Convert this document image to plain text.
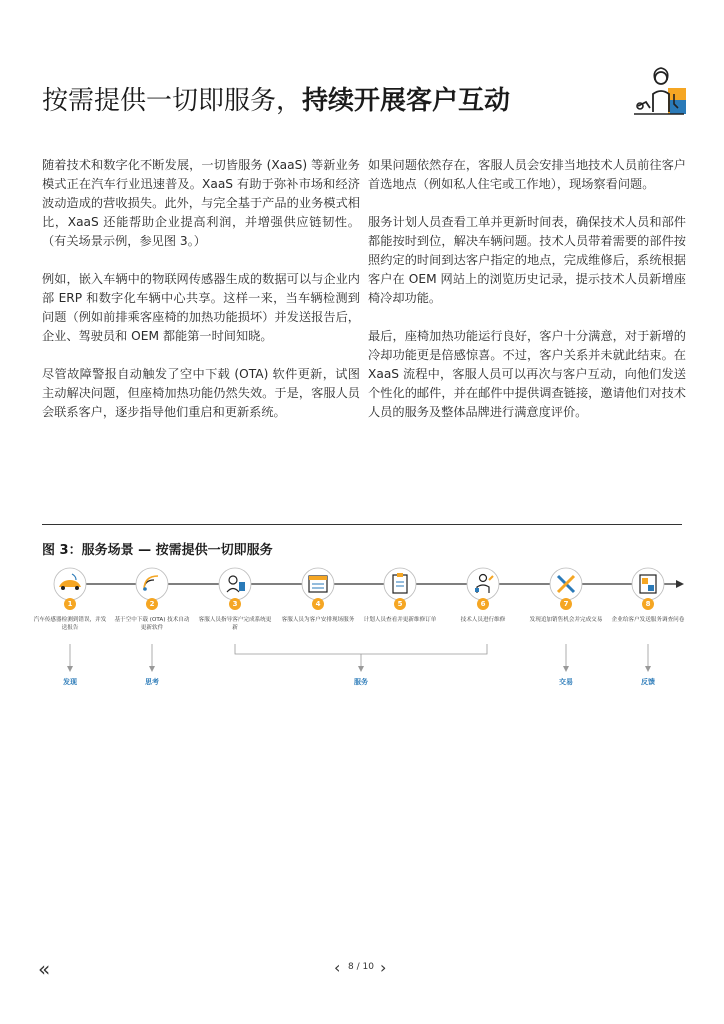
按需提供一切即服务，持续开展客户互动

随着技术和数字化不断发展，一切皆服务 (XaaS) 等新业务模式正在汽车行业迅速普及。XaaS 有助于弥补市场和经济波动造成的营收损失。此外，与完全基于产品的业务模式相比，XaaS 还能帮助企业提高利润，并增强供应链韧性。（有关场景示例，参见图 3。）

例如，嵌入车辆中的物联网传感器生成的数据可以与企业内部 ERP 和数字化车辆中心共享。这样一来，当车辆检测到问题（例如前排乘客座椅的加热功能损坏）并发送报告后，企业、驾驶员和 OEM 都能第一时间知晓。

尽管故障警报自动触发了空中下载 (OTA) 软件更新，试图主动解决问题，但座椅加热功能仍然失效。于是，客服人员会联系客户，逐步指导他们重启和更新系统。

如果问题依然存在，客服人员会安排当地技术人员前往客户首选地点（例如私人住宅或工作地），现场察看问题。

服务计划人员查看工单并更新时间表，确保技术人员和部件都能按时到位，解决车辆问题。技术人员带着需要的部件按照约定的时间到达客户指定的地点，完成维修后，系统根据客户在 OEM 网站上的浏览历史记录，提示技术人员新增座椅冷却功能。

最后，座椅加热功能运行良好，客户十分满意，对于新增的冷却功能更是倍感惊喜。不过，客户关系并未就此结束。在 XaaS 流程中，客服人员可以再次与客户互动，向他们发送个性化的邮件，并在邮件中提供调查链接，邀请他们对技术人员的服务及整体品牌进行满意度评价。

图 3：服务场景 — 按需提供一切即服务
1
汽车传感器检测到错误，并发送报告
2
基于空中下载 (OTA) 技术自动更新软件
3
客服人员指导客户完成系统更新
4
客服人员为客户安排现场服务
5
计划人员查看并更新维修订单
6
技术人员进行维修
7
发现追加销售机会并完成交易
8
企业给客户发送服务调查问卷
发现	思考	服务	交易	反馈
«	‹ 8 / 10 ›
